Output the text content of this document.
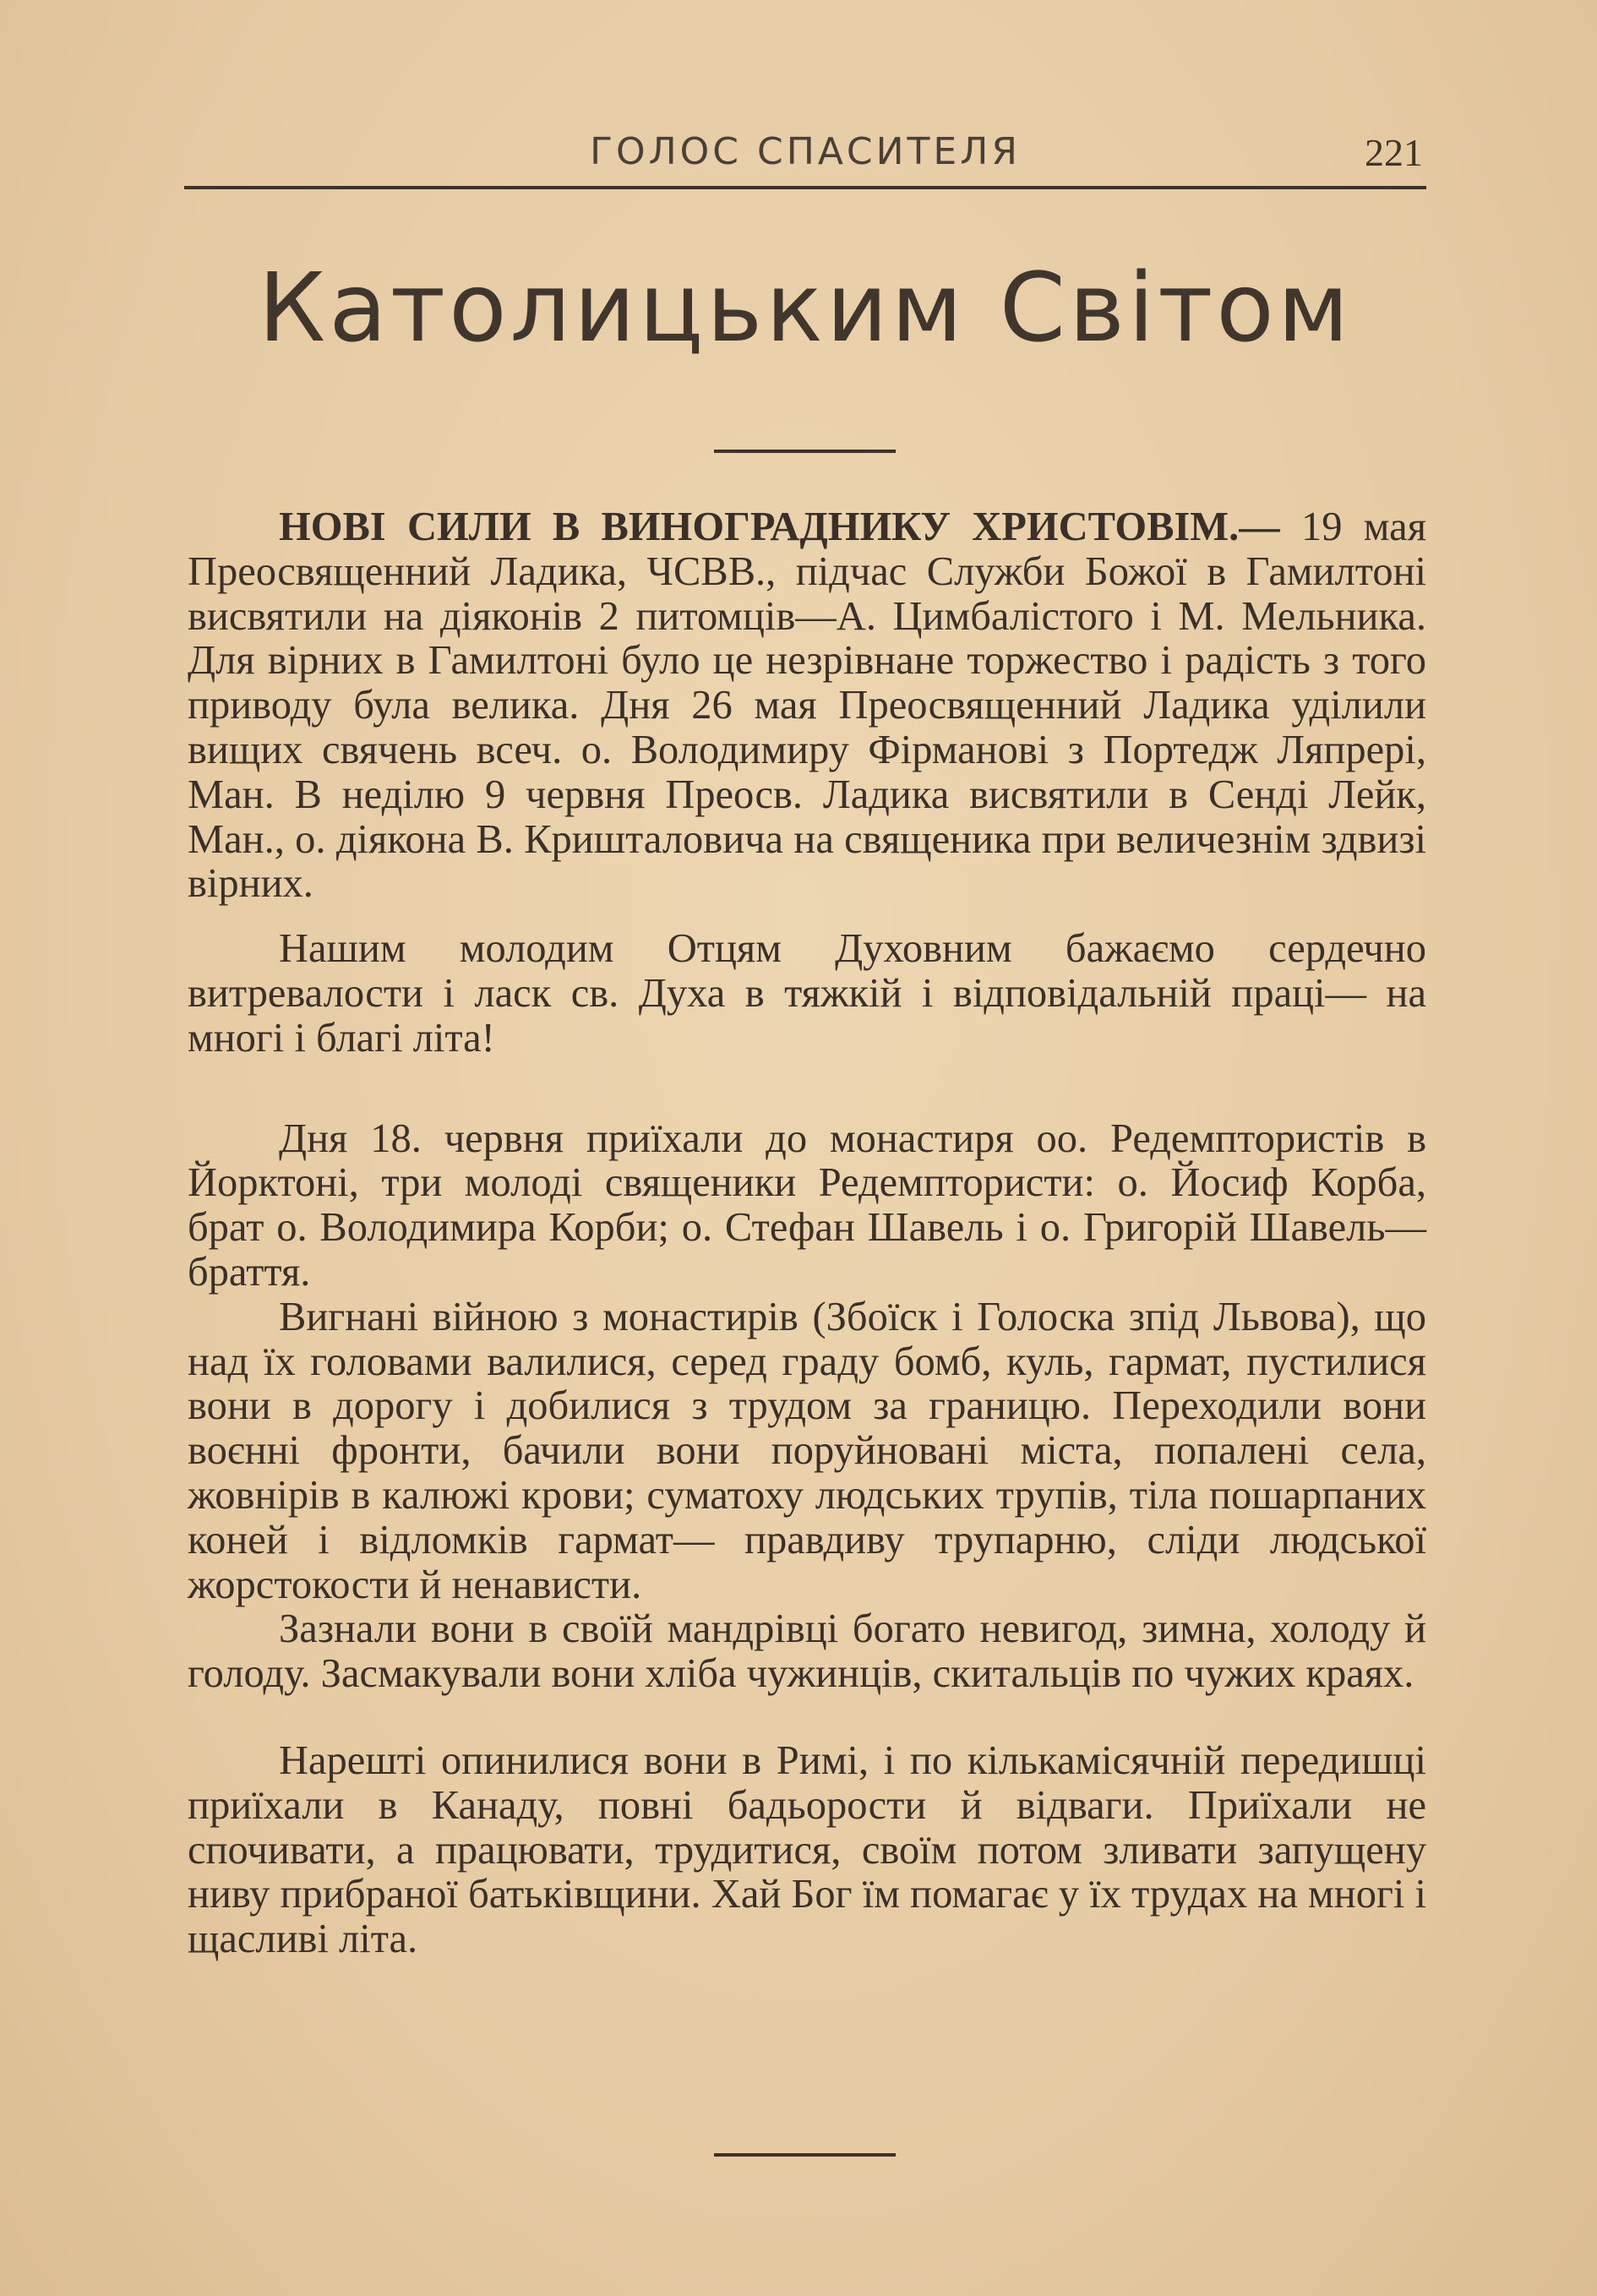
ГОЛОС СПАСИТЕЛЯ	221
Католицьким Світом

НОВІ СИЛИ В ВИНОГРАДНИКУ ХРИСТОВІМ.— 19 мая Преосвященний Ладика, ЧСВВ., підчас Служби Божої в Гамилтоні висвятили на діяконів 2 питомців—А. Цимбалістого і М. Мельника. Для вірних в Гамилтоні було це незрівнане торжество і радість з того приводу була велика. Дня 26 мая Преосвященний Ладика уділили вищих свячень всеч. о. Володимиру Фірманові з Портедж Ляпрері, Ман. В неділю 9 червня Преосв. Ладика висвятили в Сенді Лейк, Ман., о. діякона В. Кришталовича на священика при величезнім здвизі вірних.

Нашим молодим Отцям Духовним бажаємо сердечно витревалости і ласк св. Духа в тяжкій і відповідальній праці— на многі і благі літа!

Дня 18. червня приїхали до монастиря оо. Редемптористів в Йорктоні, три молоді священики Редемптористи: о. Йосиф Корба, брат о. Володимира Корби; о. Стефан Шавель і о. Григорій Шавель—браття.

Вигнані війною з монастирів (Збоїск і Голоска зпід Львова), що над їх головами валилися, серед граду бомб, куль, гармат, пустилися вони в дорогу і добилися з трудом за границю. Переходили вони воєнні фронти, бачили вони поруйновані міста, попалені села, жовнірів в калюжі крови; суматоху людських трупів, тіла пошарпаних коней і відломків гармат— правдиву трупарню, сліди людської жорстокости й ненависти.

Зазнали вони в своїй мандрівці богато невигод, зимна, холоду й голоду. Засмакували вони хліба чужинців, скитальців по чужих краях.

Нарешті опинилися вони в Римі, і по кількамісячній передишці приїхали в Канаду, повні бадьорости й відваги. Приїхали не спочивати, а працювати, трудитися, своїм потом зливати запущену ниву прибраної батьківщини. Хай Бог їм помагає у їх трудах на многі і щасливі літа.
